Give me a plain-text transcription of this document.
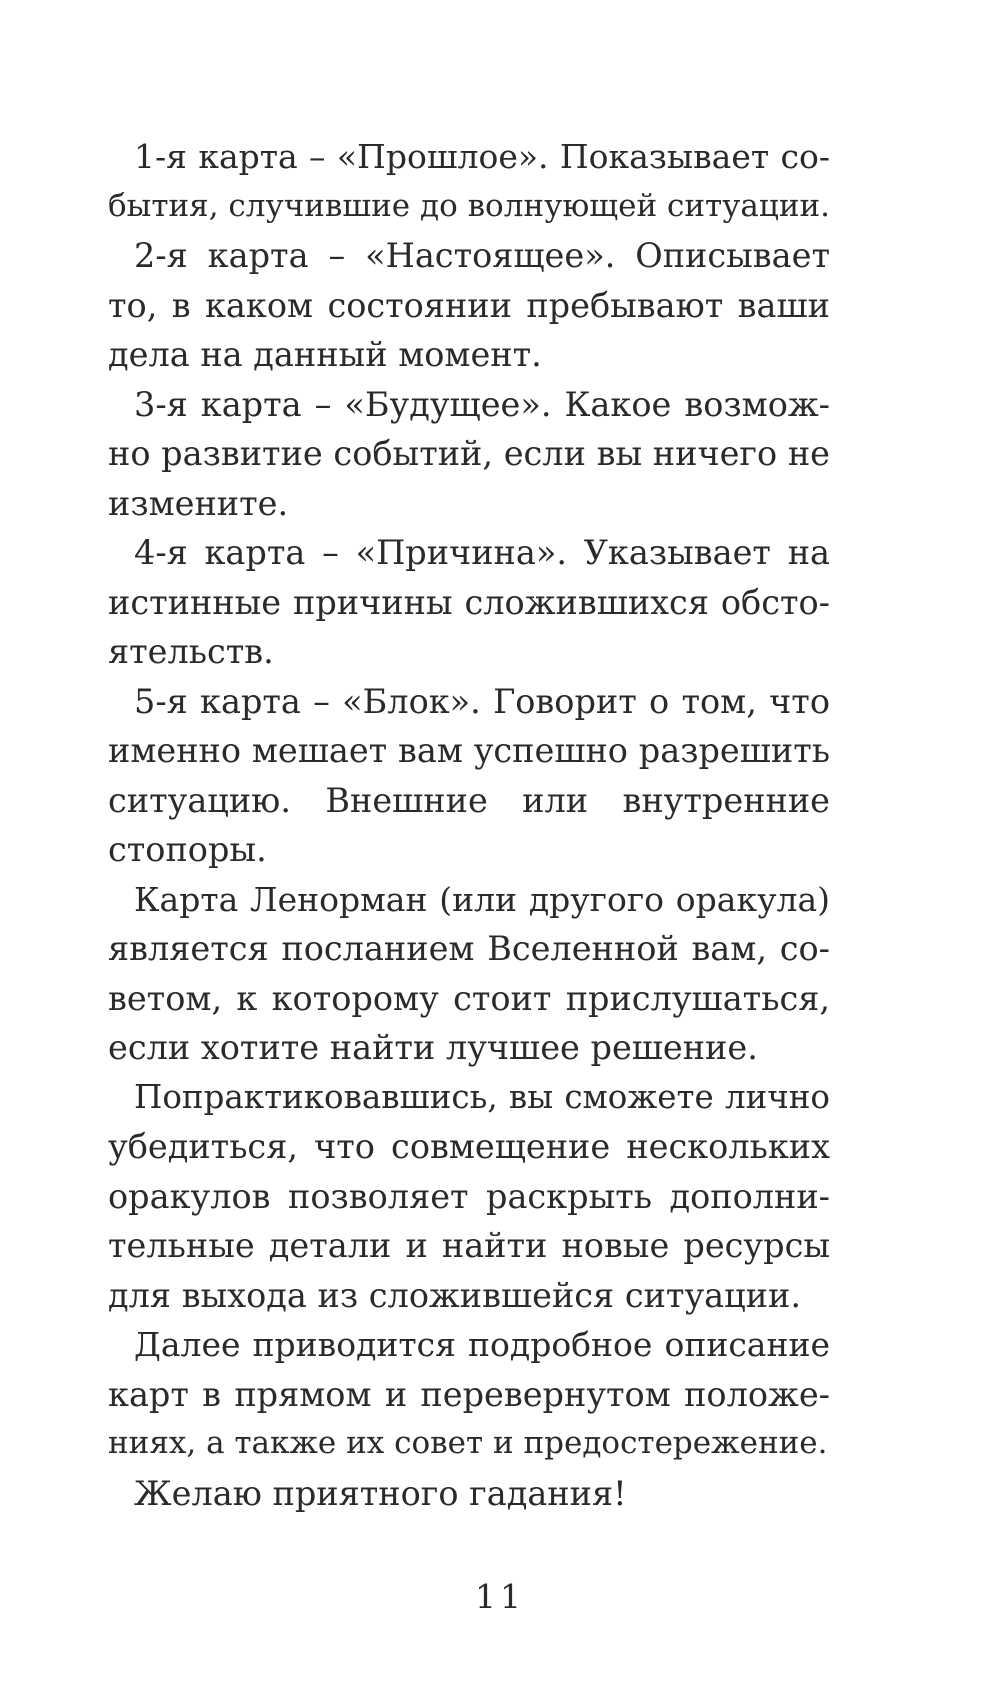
1-я карта – «Прошлое». Показывает со-
бытия, случившие до волнующей ситуации.
2-я карта – «Настоящее». Описывает
то, в каком состоянии пребывают ваши
дела на данный момент.
3-я карта – «Будущее». Какое возмож-
но развитие событий, если вы ничего не
измените.
4-я карта – «Причина». Указывает на
истинные причины сложившихся обсто-
ятельств.
5-я карта – «Блок». Говорит о том, что
именно мешает вам успешно разрешить
ситуацию. Внешние или внутренние
стопоры.
Карта Ленорман (или другого оракула)
является посланием Вселенной вам, со-
ветом, к которому стоит прислушаться,
если хотите найти лучшее решение.
Попрактиковавшись, вы сможете лично
убедиться, что совмещение нескольких
оракулов позволяет раскрыть дополни-
тельные детали и найти новые ресурсы
для выхода из сложившейся ситуации.
Далее приводится подробное описание
карт в прямом и перевернутом положе-
ниях, а также их совет и предостережение.
Желаю приятного гадания!
11
